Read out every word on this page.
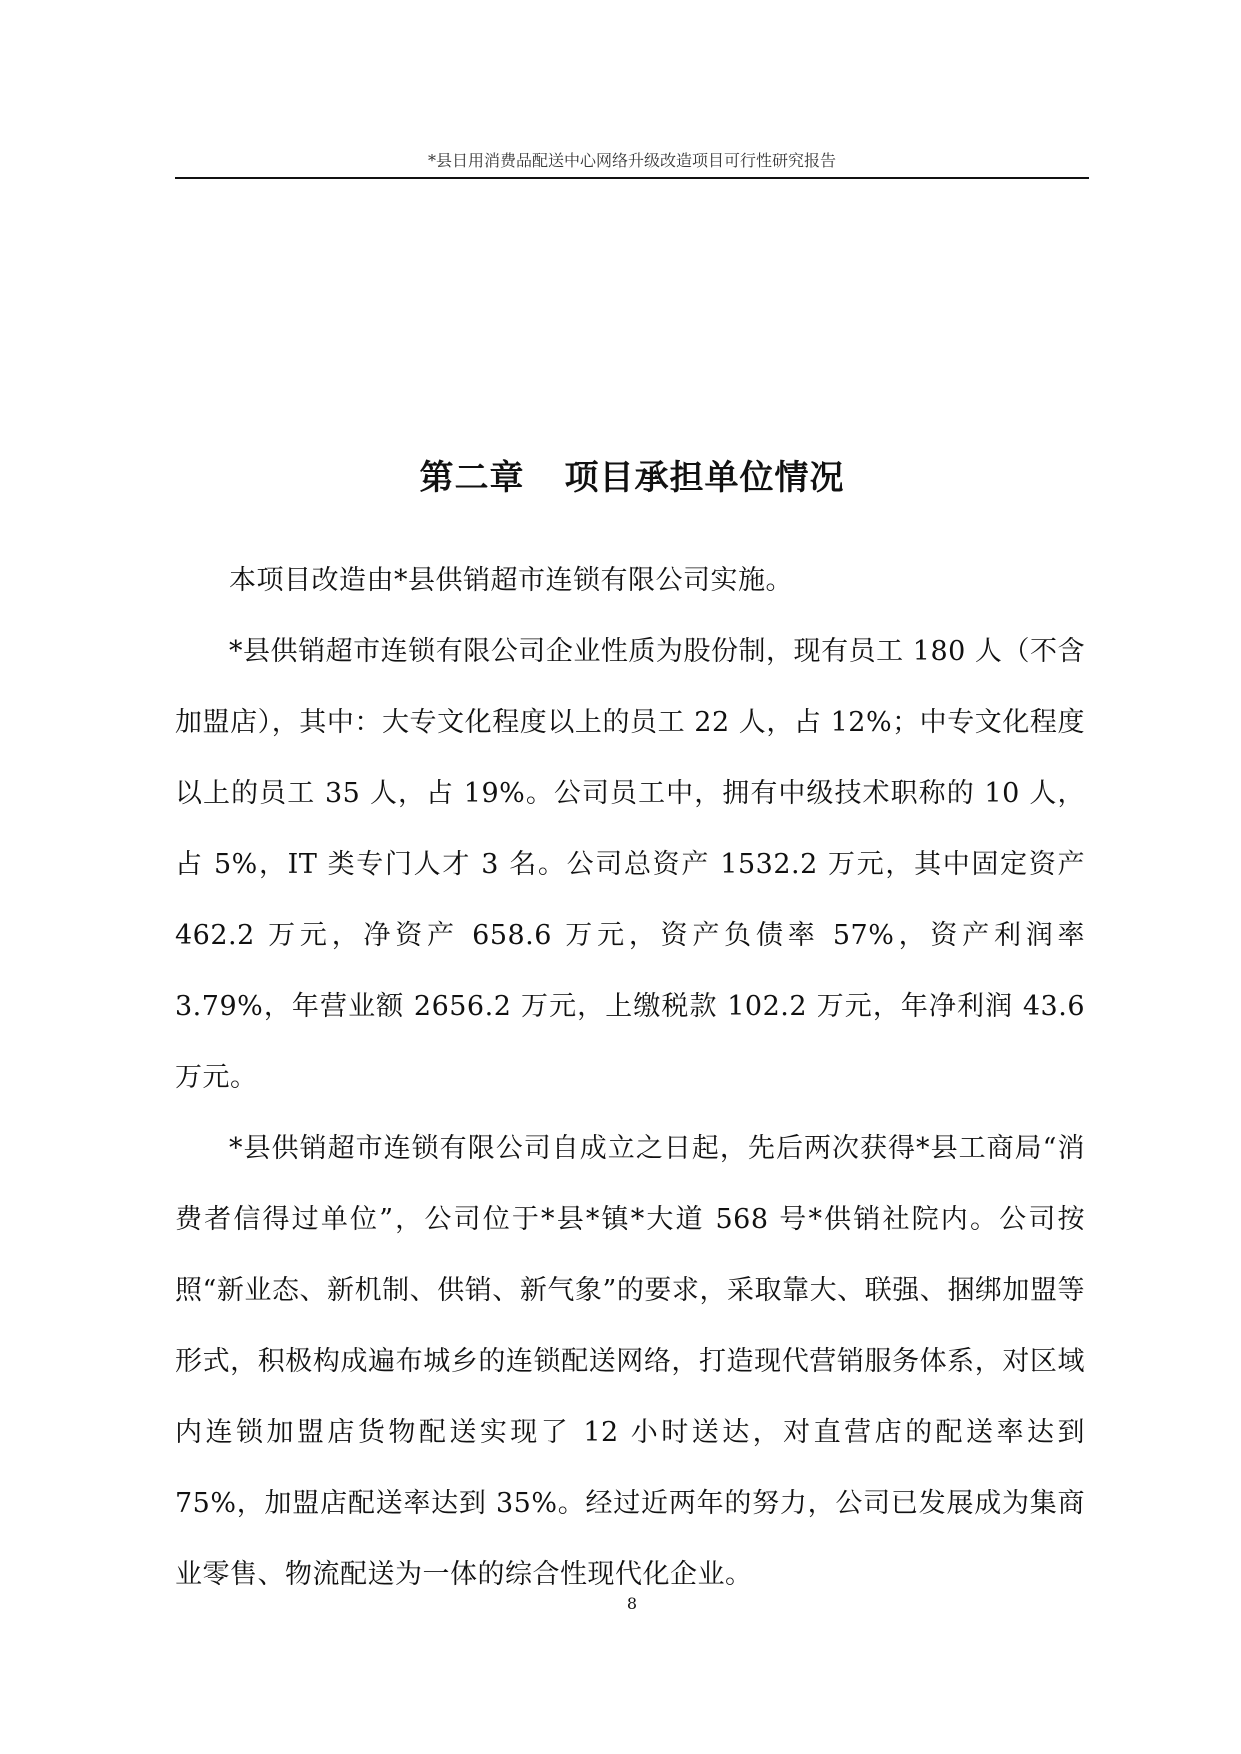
*县日用消费品配送中心网络升级改造项目可行性研究报告
第二章 项目承担单位情况

本项目改造由*县供销超市连锁有限公司实施。

*县供销超市连锁有限公司企业性质为股份制，现有员工 180 人（不含加盟店），其中：大专文化程度以上的员工 22 人，占 12%；中专文化程度以上的员工 35 人，占 19%。公司员工中，拥有中级技术职称的 10 人，占 5%，IT 类专门人才 3 名。公司总资产 1532.2 万元，其中固定资产 462.2 万元，净资产 658.6 万元，资产负债率 57%，资产利润率 3.79%，年营业额 2656.2 万元，上缴税款 102.2 万元，年净利润 43.6 万元。

*县供销超市连锁有限公司自成立之日起，先后两次获得*县工商局“消费者信得过单位”，公司位于*县*镇*大道 568 号*供销社院内。公司按照“新业态、新机制、供销、新气象”的要求，采取靠大、联强、捆绑加盟等形式，积极构成遍布城乡的连锁配送网络，打造现代营销服务体系，对区域内连锁加盟店货物配送实现了 12 小时送达，对直营店的配送率达到 75%，加盟店配送率达到 35%。经过近两年的努力，公司已发展成为集商业零售、物流配送为一体的综合性现代化企业。

8
